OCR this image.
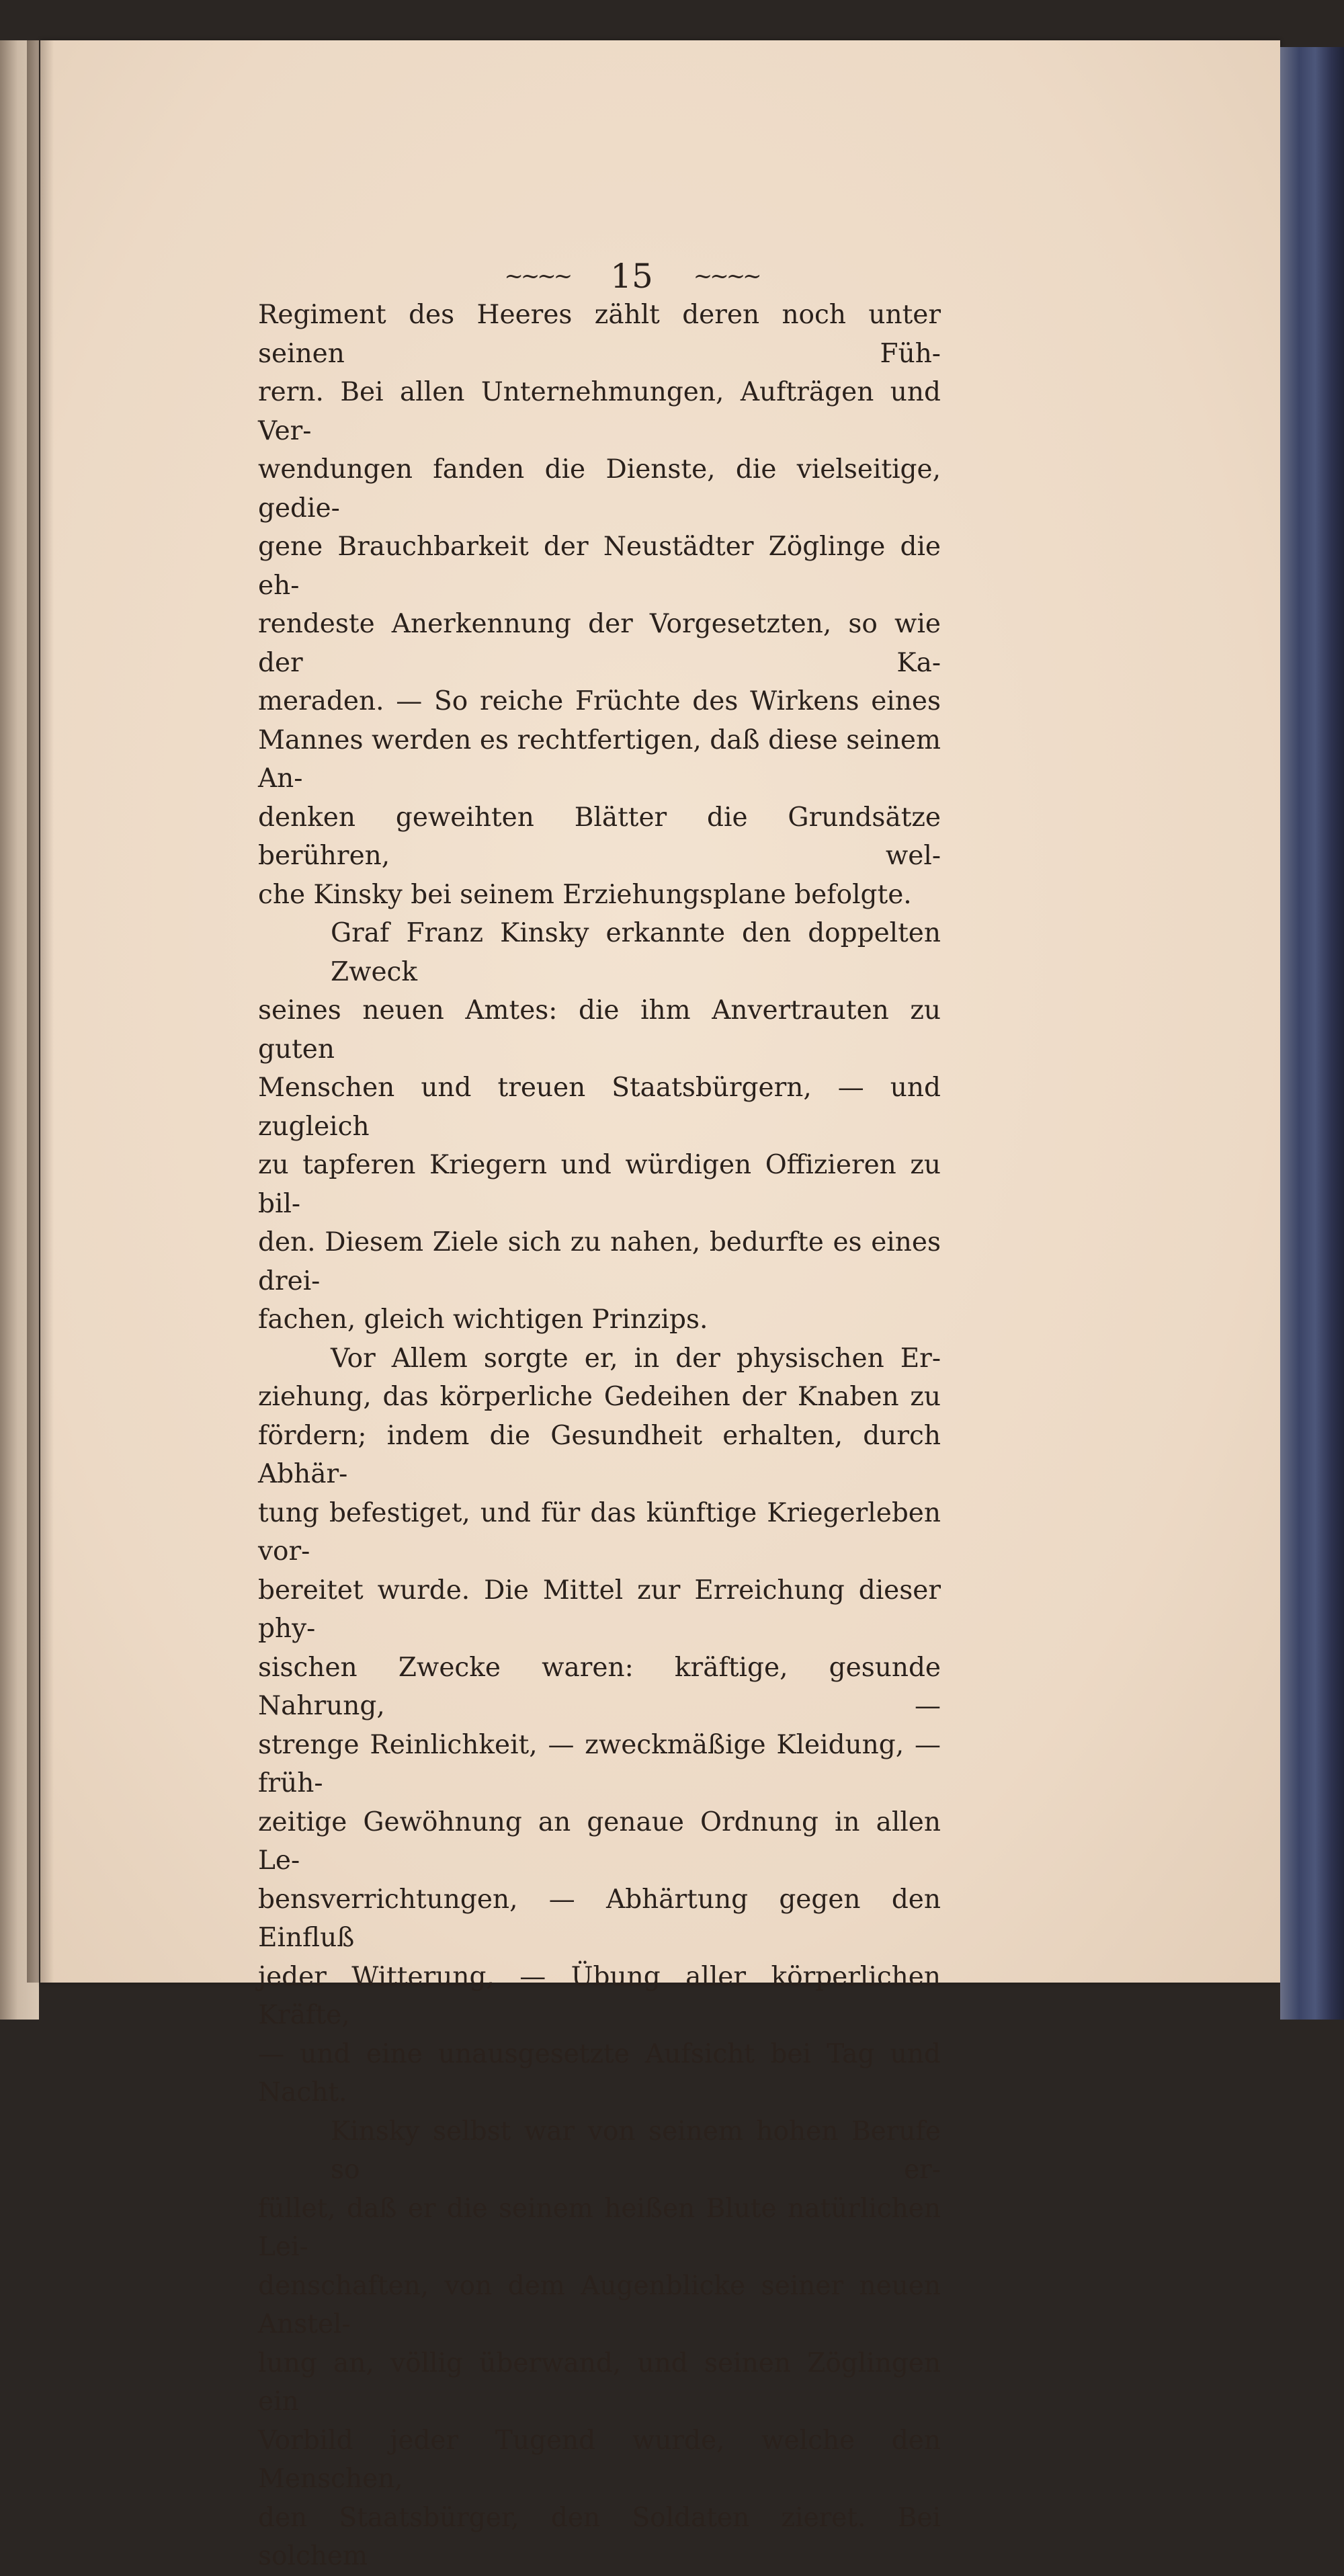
~~~~ 15 ~~~~

Regiment des Heeres zählt deren noch unter seinen Füh-

rern. Bei allen Unternehmungen, Aufträgen und Ver-

wendungen fanden die Dienste, die vielseitige, gedie-

gene Brauchbarkeit der Neustädter Zöglinge die eh-

rendeste Anerkennung der Vorgesetzten, so wie der Ka-

meraden. — So reiche Früchte des Wirkens eines

Mannes werden es rechtfertigen, daß diese seinem An-

denken geweihten Blätter die Grundsätze berühren, wel-

che Kinsky bei seinem Erziehungsplane befolgte.

Graf Franz Kinsky erkannte den doppelten Zweck

seines neuen Amtes: die ihm Anvertrauten zu guten

Menschen und treuen Staatsbürgern, — und zugleich

zu tapferen Kriegern und würdigen Offizieren zu bil-

den. Diesem Ziele sich zu nahen, bedurfte es eines drei-

fachen, gleich wichtigen Prinzips.

Vor Allem sorgte er, in der physischen Er-

ziehung, das körperliche Gedeihen der Knaben zu

fördern; indem die Gesundheit erhalten, durch Abhär-

tung befestiget, und für das künftige Kriegerleben vor-

bereitet wurde. Die Mittel zur Erreichung dieser phy-

sischen Zwecke waren: kräftige, gesunde Nahrung, —

strenge Reinlichkeit, — zweckmäßige Kleidung, — früh-

zeitige Gewöhnung an genaue Ordnung in allen Le-

bensverrichtungen, — Abhärtung gegen den Einfluß

jeder Witterung, — Übung aller körperlichen Kräfte,

— und eine unausgesetzte Aufsicht bei Tag und Nacht.

Kinsky selbst war von seinem hohen Berufe so er-

füllet, daß er die seinem heißen Blute natürlichen Lei-

denschaften, von dem Augenblicke seiner neuen Anstel-

lung an, völlig überwand, und seinen Zöglingen ein

Vorbild jeder Tugend wurde, welche den Menschen,

den Staatsbürger, den Soldaten zieret. Bei solchem
